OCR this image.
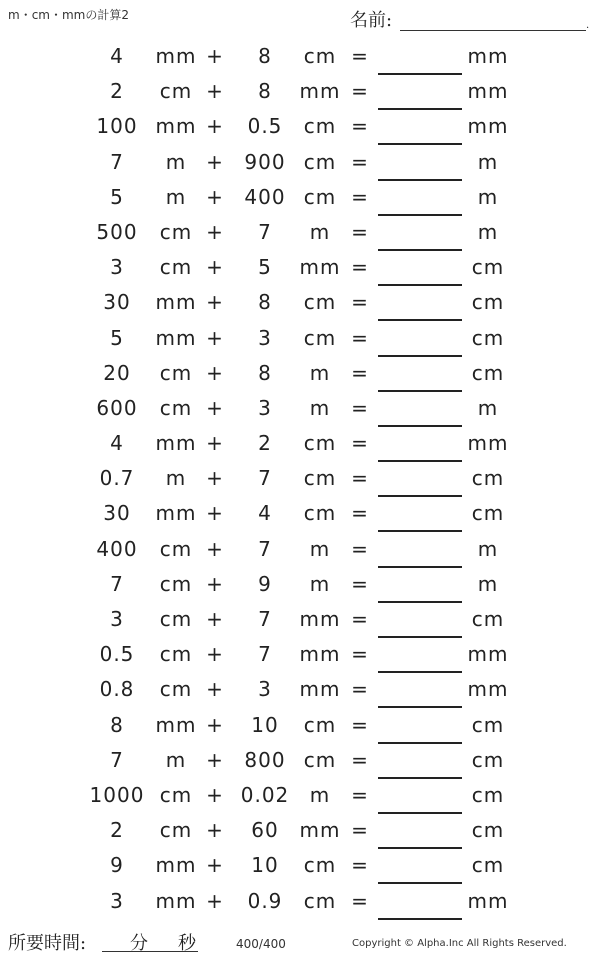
m・cm・mmの計算2	名前:	.
4	mm +	8	cm =	mm
2	cm +	8	mm =	mm
100 mm +	0.5	cm =	mm
7	m +	900 cm =	m
5	m +	400 cm =	m
500	cm +	7	m	=	m
3	cm +	5	mm =	cm
30	mm +	8	cm =	cm
5	mm +	3	cm =	cm
20	cm +	8	m	=	cm
600	cm +	3	m	=	m
4	mm +	2	cm =	mm
0.7	m +	7	cm =	cm
30	mm +	4	cm =	cm
400	cm +	7	m	=	m
7	cm +	9	m	=	m
3	cm +	7	mm =	cm
0.5	cm +	7	mm =	mm
0.8	cm +	3	mm =	mm
8	mm +	10	cm =	cm
7	m +	800 cm =	cm
1000 cm + 0.02	m	=	cm
2	cm +	60	mm =	cm
9	mm +	10	cm =	cm
3	mm +	0.9	cm =	mm
所要時間: 分 秒	400/400	Copyright © Alpha.Inc All Rights Reserved.
